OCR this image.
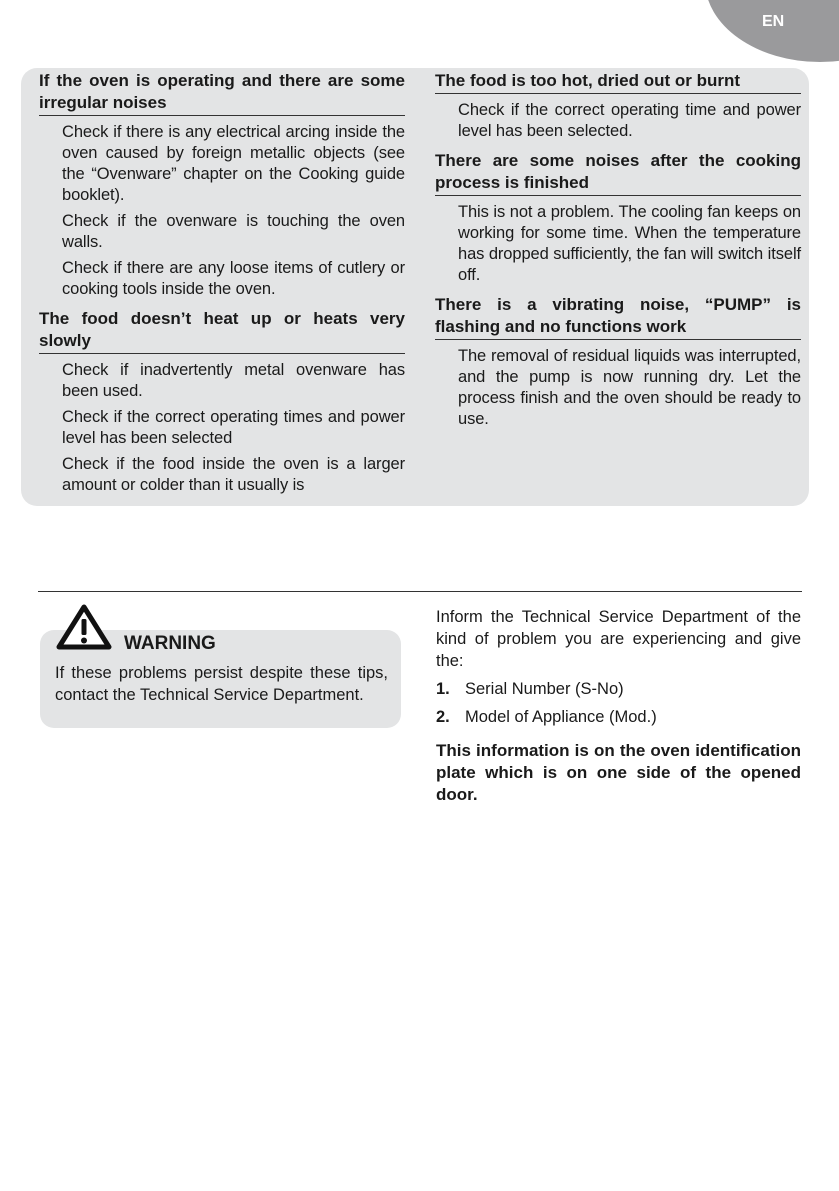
EN
If the oven is operating and there are some irregular noises
Check if there is any electrical arcing inside the oven caused by foreign metallic objects (see the “Ovenware” chapter on the Cooking guide booklet).
Check if the ovenware is touching the oven walls.
Check if there are any loose items of cutlery or cooking tools inside the oven.
The food doesn’t heat up or heats very slowly
Check if inadvertently metal ovenware has been used.
Check if the correct operating times and power level has been selected
Check if the food inside the oven is a larger amount or colder than it usually is
The food is too hot, dried out or burnt
Check if the correct operating time and power level has been selected.
There are some noises after the cooking process is finished
This is not a problem. The cooling fan keeps on working for some time. When the temperature has dropped sufficiently, the fan will switch itself off.
There is a vibrating noise, “PUMP” is flashing and no functions work
The removal of residual liquids was interrupted, and the pump is now running dry. Let the process finish and the oven should be ready to use.
WARNING
If these problems persist despite these tips, contact the Technical Service Department.

Inform the Technical Service Department of the kind of problem you are experiencing and give the:

1. Serial Number (S-No)
2. Model of Appliance (Mod.)
This information is on the oven identification plate which is on one side of the opened door.
